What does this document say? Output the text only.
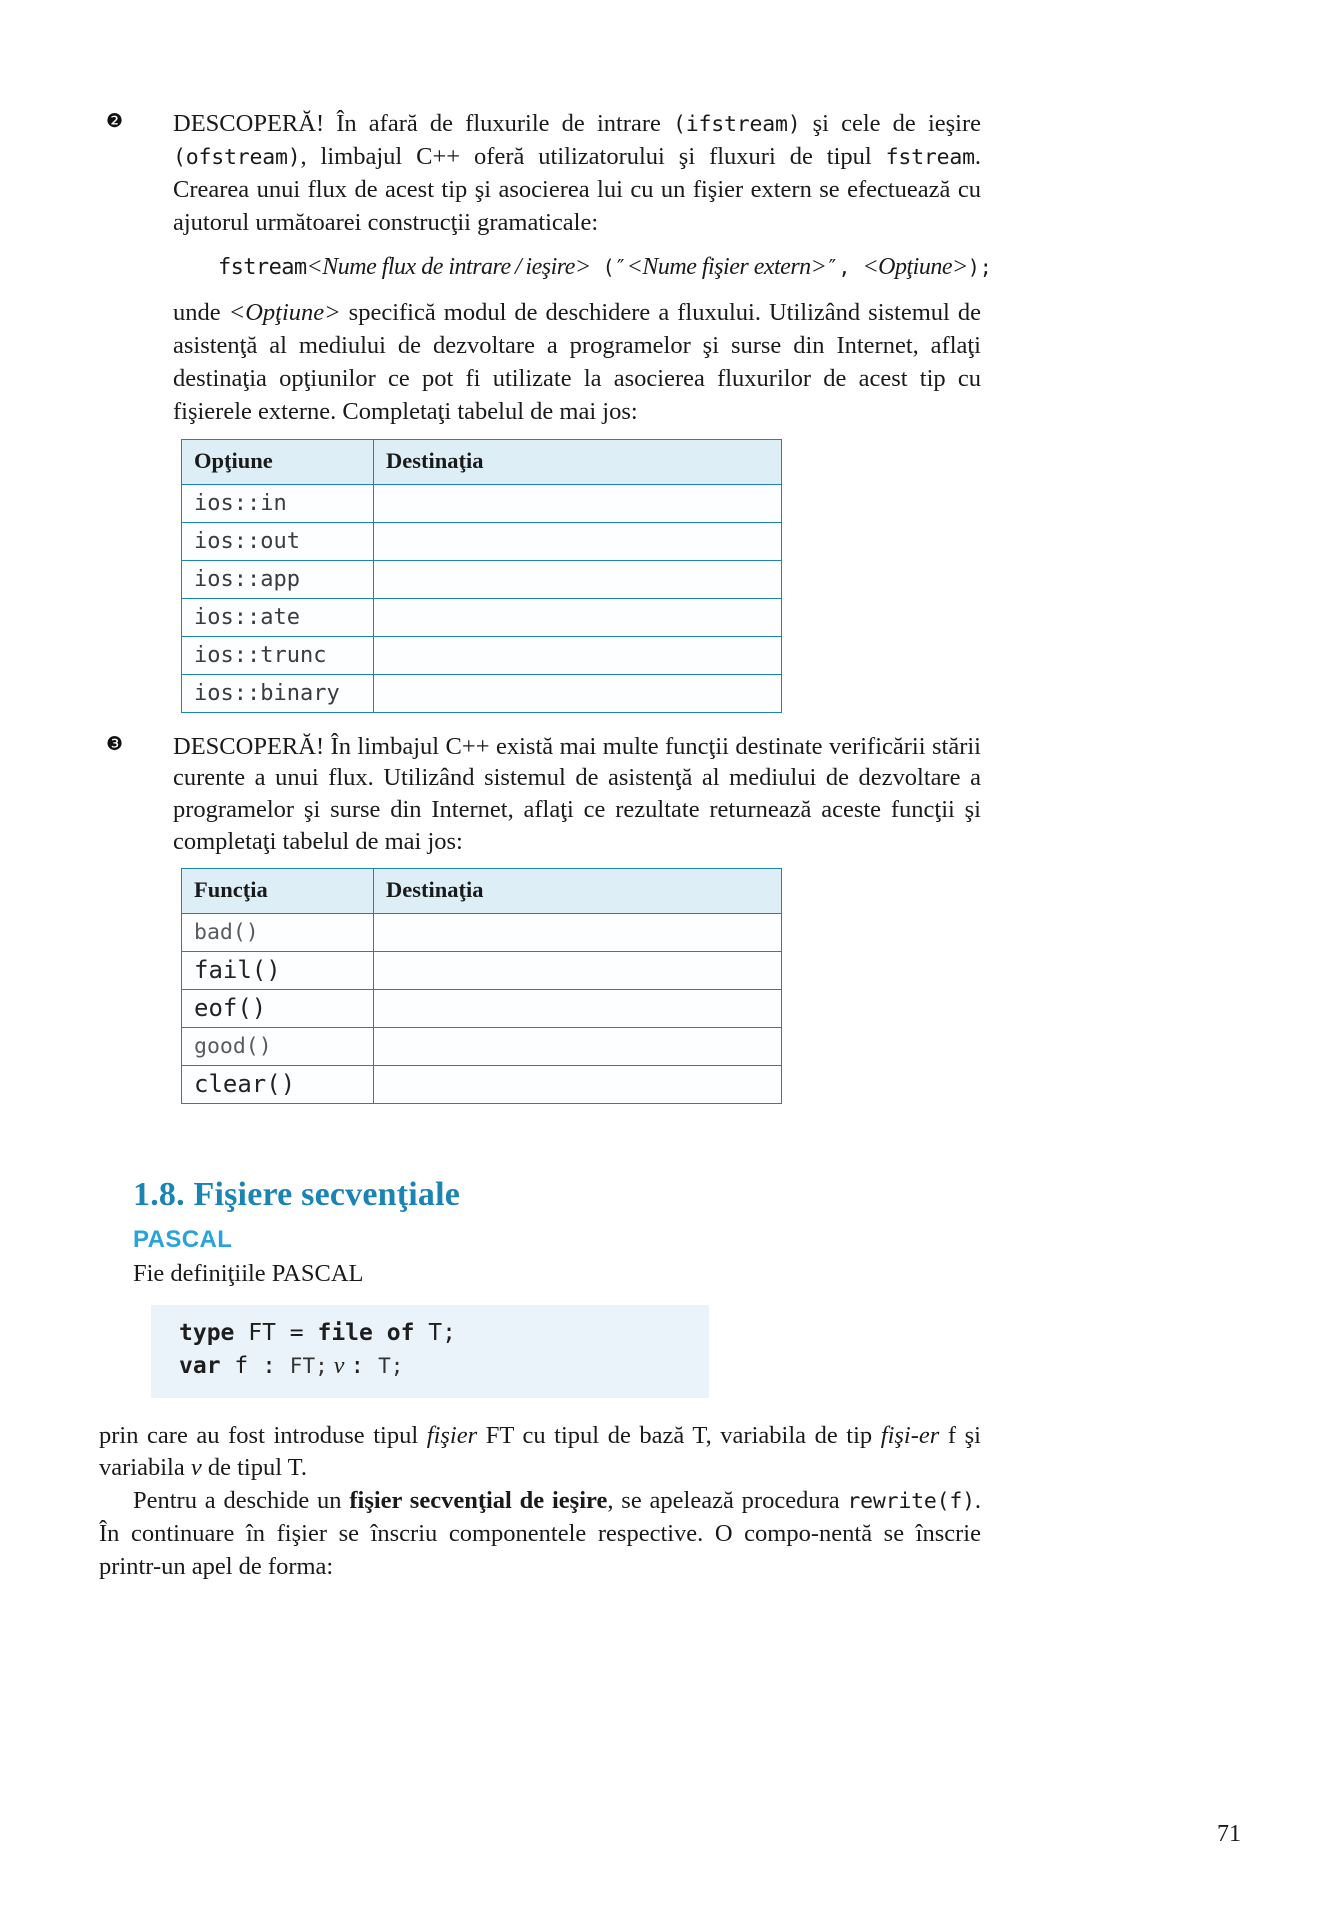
❷	DESCOPERĂ! În afară de fluxurile de intrare (ifstream) şi cele de ieşire (ofstream), limbajul C++ oferă utilizatorului şi fluxuri de tipul fstream. Crearea unui flux de acest tip şi asocierea lui cu un fişier extern se efectuează cu ajutorul următoarei construcţii gramaticale:
fstream<Nume flux de intrare / ieşire> (″<Nume fişier extern>″, <Opţiune>);
unde <Opţiune> specifică modul de deschidere a fluxului. Utilizând sistemul de asistenţă al mediului de dezvoltare a programelor şi surse din Internet, aflaţi destinaţia opţiunilor ce pot fi utilizate la asocierea fluxurilor de acest tip cu fişierele externe. Completaţi tabelul de mai jos:
Opţiune	Destinaţia
ios::in	
ios::out	
ios::app	
ios::ate	
ios::trunc	
ios::binary	
❸	DESCOPERĂ! În limbajul C++ există mai multe funcţii destinate verificării stării curente a unui flux. Utilizând sistemul de asistenţă al mediului de dezvoltare a programelor şi surse din Internet, aflaţi ce rezultate returnează aceste funcţii şi completaţi tabelul de mai jos:
Funcţia	Destinaţia
bad()	
fail()	
eof()	
good()	
clear()	
1.8. Fişiere secvenţiale
PASCAL
Fie definiţiile PASCAL
type FT = file of T;
var f : FT; v : T;
prin care au fost introduse tipul fişier FT cu tipul de bază T, variabila de tip fişi-er f şi variabila v de tipul T.
Pentru a deschide un fişier secvenţial de ieşire, se apelează procedura rewrite(f). În continuare în fişier se înscriu componentele respective. O compo-nentă se înscrie printr-un apel de forma:
71
